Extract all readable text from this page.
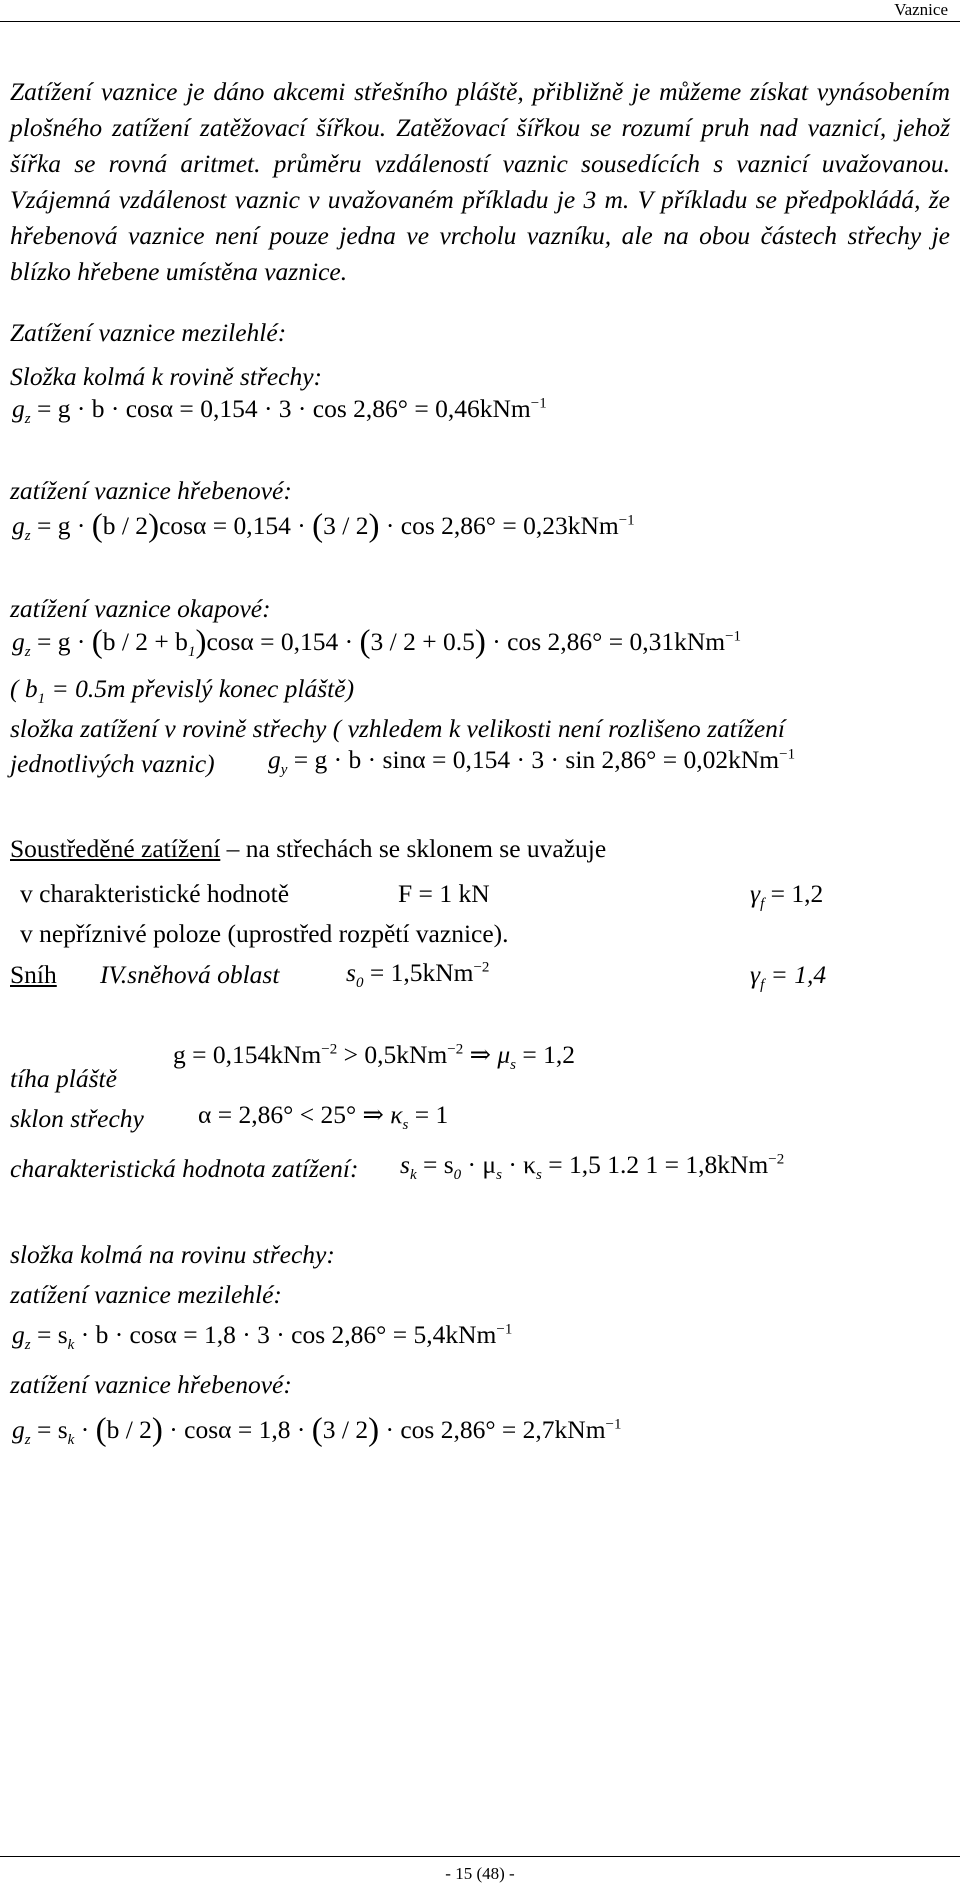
Vaznice

Zatížení vaznice je dáno akcemi střešního pláště, přibližně je můžeme získat vynásobením plošného zatížení zatěžovací šířkou. Zatěžovací šířkou se rozumí pruh nad vaznicí, jehož šířka se rovná aritmet. průměru vzdáleností vaznic sousedících s vaznicí uvažovanou. Vzájemná vzdálenost vaznic v uvažovaném příkladu je 3 m. V příkladu se předpokládá, že hřebenová vaznice není pouze jedna ve vrcholu vazníku, ale na obou částech střechy je blízko hřebene umístěna vaznice.

Zatížení vaznice mezilehlé:
Složka kolmá k rovině střechy:
$g_z = g \cdot b \cdot \cos\alpha = 0,154 \cdot 3 \cdot \cos 2,86^\circ = 0,46kNm^{-1}$
zatížení vaznice hřebenové:
$g_z = g \cdot (b / 2)\cos\alpha = 0,154 \cdot (3 / 2) \cdot \cos 2,86^\circ = 0,23kNm^{-1}$
zatížení vaznice okapové:
$g_z = g \cdot (b / 2 + b_1)\cos\alpha = 0,154 \cdot (3 / 2 + 0.5) \cdot \cos 2,86^\circ = 0,31kNm^{-1}$
( $b_1 = 0.5m$ převislý konec pláště)
složka zatížení v rovině střechy ( vzhledem k velikosti není rozlišeno zatížení
jednotlivých vaznic) $g_y = g \cdot b \cdot \sin\alpha = 0,154 \cdot 3 \cdot \sin 2,86^\circ = 0,02kNm^{-1}$
Soustředěné zatížení – na střechách se sklonem se uvažuje
v charakteristické hodnotě	F = 1 kN	$\gamma_f = 1,2$
v nepříznivé poloze (uprostřed rozpětí vaznice).
Sníh IV.sněhová oblast	$s_0 = 1,5kNm^{-2}$	$\gamma_f = 1,4$
tíha pláště
g = 0,154kNm$^{-2}$ > 0,5kNm$^{-2}$ ⇒ $\mu_s = 1,2$
sklon střechy α = 2,86° < 25° ⇒ $\kappa_s = 1$
charakteristická hodnota zatížení: $s_k = s_0 \cdot \mu_s \cdot \kappa_s = 1,5$ 1.2 1 = 1,8kNm$^{-2}$
složka kolmá na rovinu střechy:
zatížení vaznice mezilehlé:
$g_z = s_k \cdot b \cdot \cos\alpha = 1,8 \cdot 3 \cdot \cos 2,86^\circ = 5,4kNm^{-1}$
zatížení vaznice hřebenové:
$g_z = s_k \cdot (b / 2) \cdot \cos\alpha = 1,8 \cdot (3 / 2) \cdot \cos 2,86^\circ = 2,7kNm^{-1}$
- 15 (48) -
